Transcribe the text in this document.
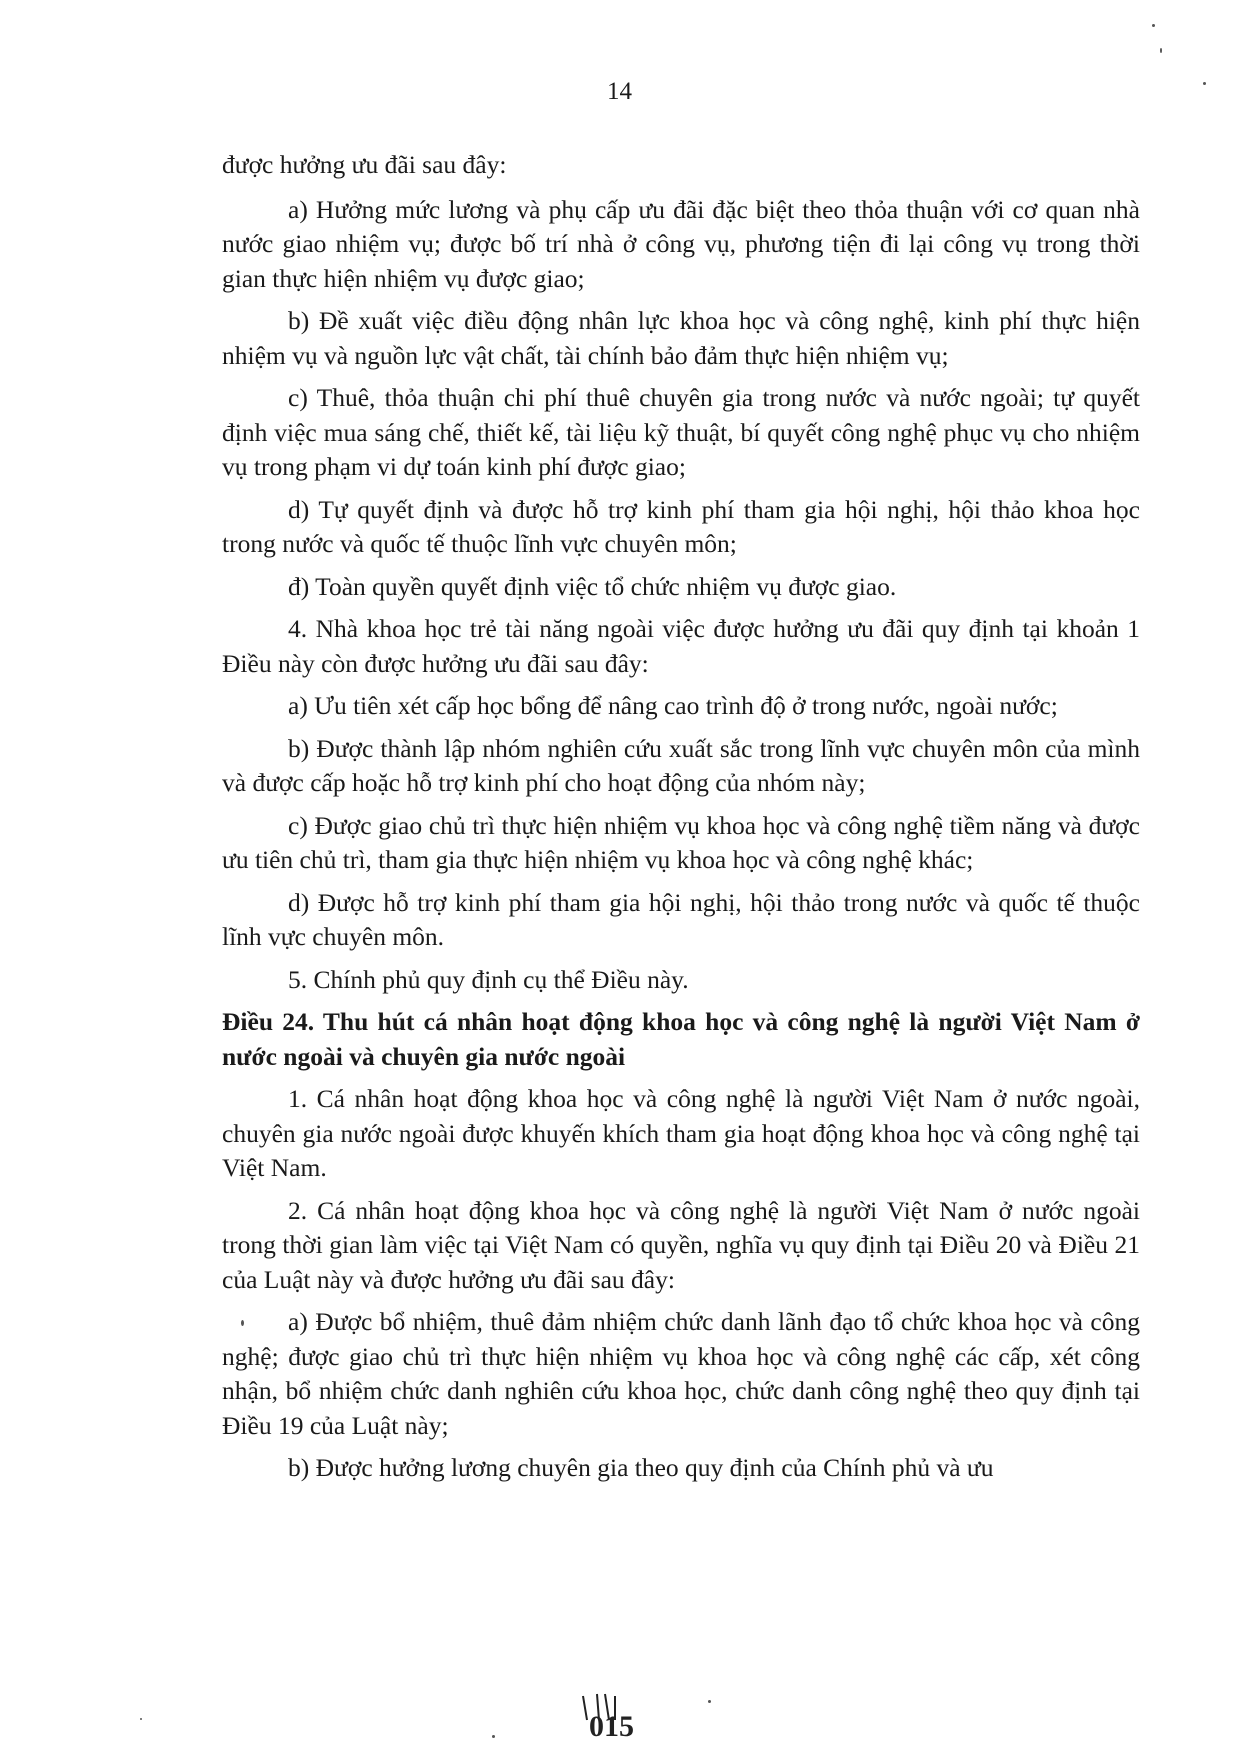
14

được hưởng ưu đãi sau đây:

a) Hưởng mức lương và phụ cấp ưu đãi đặc biệt theo thỏa thuận với cơ quan nhà nước giao nhiệm vụ; được bố trí nhà ở công vụ, phương tiện đi lại công vụ trong thời gian thực hiện nhiệm vụ được giao;

b) Đề xuất việc điều động nhân lực khoa học và công nghệ, kinh phí thực hiện nhiệm vụ và nguồn lực vật chất, tài chính bảo đảm thực hiện nhiệm vụ;

c) Thuê, thỏa thuận chi phí thuê chuyên gia trong nước và nước ngoài; tự quyết định việc mua sáng chế, thiết kế, tài liệu kỹ thuật, bí quyết công nghệ phục vụ cho nhiệm vụ trong phạm vi dự toán kinh phí được giao;

d) Tự quyết định và được hỗ trợ kinh phí tham gia hội nghị, hội thảo khoa học trong nước và quốc tế thuộc lĩnh vực chuyên môn;

đ) Toàn quyền quyết định việc tổ chức nhiệm vụ được giao.

4. Nhà khoa học trẻ tài năng ngoài việc được hưởng ưu đãi quy định tại khoản 1 Điều này còn được hưởng ưu đãi sau đây:

a) Ưu tiên xét cấp học bổng để nâng cao trình độ ở trong nước, ngoài nước;

b) Được thành lập nhóm nghiên cứu xuất sắc trong lĩnh vực chuyên môn của mình và được cấp hoặc hỗ trợ kinh phí cho hoạt động của nhóm này;

c) Được giao chủ trì thực hiện nhiệm vụ khoa học và công nghệ tiềm năng và được ưu tiên chủ trì, tham gia thực hiện nhiệm vụ khoa học và công nghệ khác;

d) Được hỗ trợ kinh phí tham gia hội nghị, hội thảo trong nước và quốc tế thuộc lĩnh vực chuyên môn.

5. Chính phủ quy định cụ thể Điều này.

Điều 24. Thu hút cá nhân hoạt động khoa học và công nghệ là người Việt Nam ở nước ngoài và chuyên gia nước ngoài

1. Cá nhân hoạt động khoa học và công nghệ là người Việt Nam ở nước ngoài, chuyên gia nước ngoài được khuyến khích tham gia hoạt động khoa học và công nghệ tại Việt Nam.

2. Cá nhân hoạt động khoa học và công nghệ là người Việt Nam ở nước ngoài trong thời gian làm việc tại Việt Nam có quyền, nghĩa vụ quy định tại Điều 20 và Điều 21 của Luật này và được hưởng ưu đãi sau đây:

a) Được bổ nhiệm, thuê đảm nhiệm chức danh lãnh đạo tổ chức khoa học và công nghệ; được giao chủ trì thực hiện nhiệm vụ khoa học và công nghệ các cấp, xét công nhận, bổ nhiệm chức danh nghiên cứu khoa học, chức danh công nghệ theo quy định tại Điều 19 của Luật này;

b) Được hưởng lương chuyên gia theo quy định của Chính phủ và ưu

015
